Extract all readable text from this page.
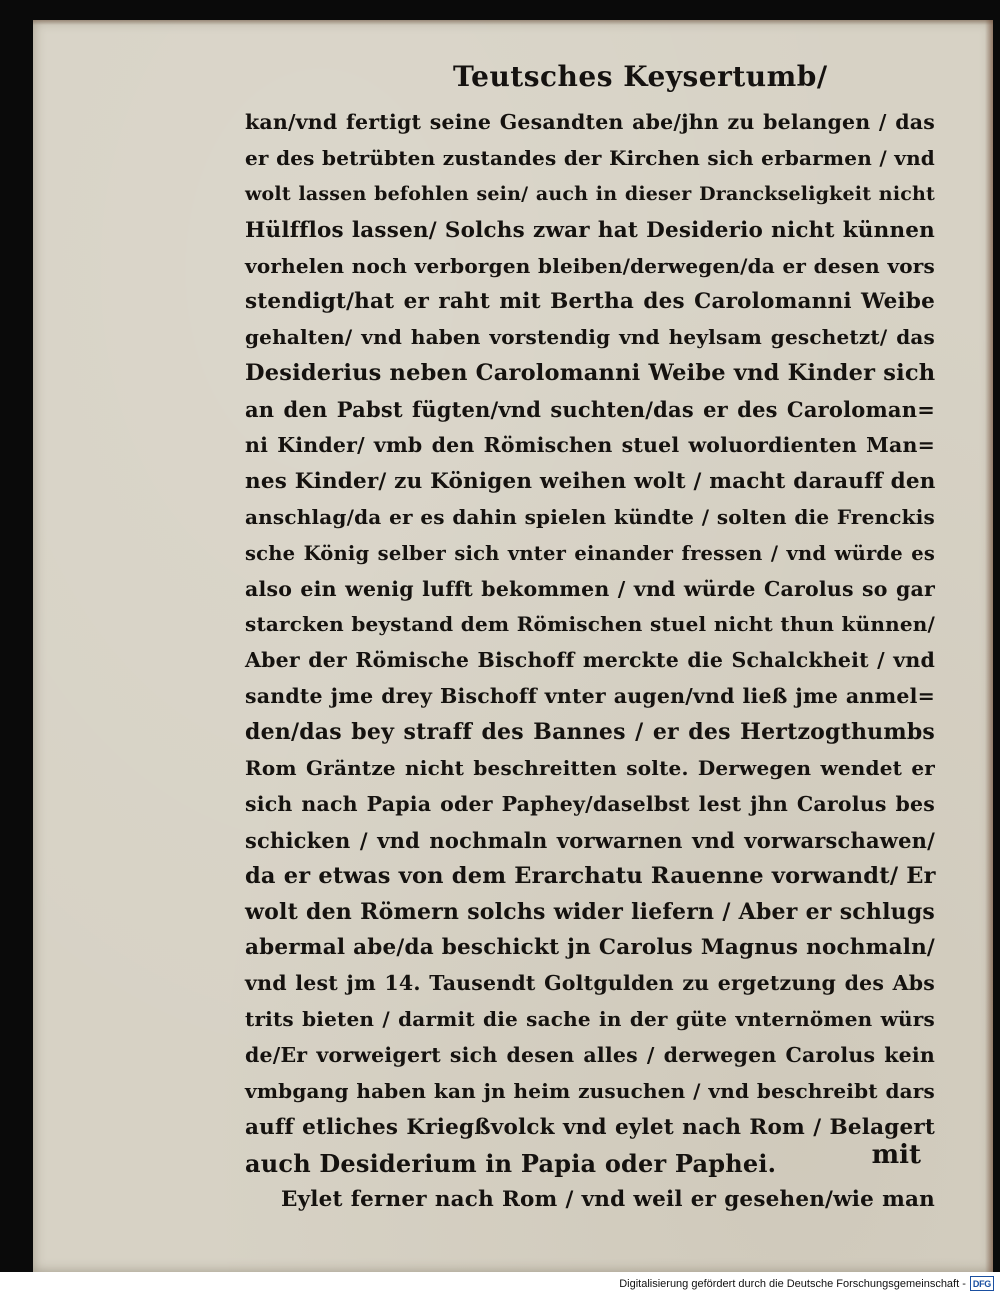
Teutsches Keysertumb/
kan/vnd fertigt seine Gesandten abe/jhn zu belangen / das
er des betrübten zustandes der Kirchen sich erbarmen / vnd
wolt lassen befohlen sein/ auch in dieser Dranckseligkeit nicht
Hülfflos lassen/ Solchs zwar hat Desiderio nicht künnen
vorhelen noch verborgen bleiben/derwegen/da er desen vors
stendigt/hat er raht mit Bertha des Carolomanni Weibe
gehalten/ vnd haben vorstendig vnd heylsam geschetzt/ das
Desiderius neben Carolomanni Weibe vnd Kinder sich
an den Pabst fügten/vnd suchten/das er des Caroloman=
ni Kinder/ vmb den Römischen stuel woluordienten Man=
nes Kinder/ zu Königen weihen wolt / macht darauff den
anschlag/da er es dahin spielen kündte / solten die Frenckis
sche König selber sich vnter einander fressen / vnd würde es
also ein wenig lufft bekommen / vnd würde Carolus so gar
starcken beystand dem Römischen stuel nicht thun künnen/
Aber der Römische Bischoff merckte die Schalckheit / vnd
sandte jme drey Bischoff vnter augen/vnd ließ jme anmel=
den/das bey straff des Bannes / er des Hertzogthumbs
Rom Gräntze nicht beschreitten solte. Derwegen wendet er
sich nach Papia oder Paphey/daselbst lest jhn Carolus bes
schicken / vnd nochmaln vorwarnen vnd vorwarschawen/
da er etwas von dem Erarchatu Rauenne vorwandt/ Er
wolt den Römern solchs wider liefern / Aber er schlugs
abermal abe/da beschickt jn Carolus Magnus nochmaln/
vnd lest jm 14. Tausendt Goltgulden zu ergetzung des Abs
trits bieten / darmit die sache in der güte vnternömen würs
de/Er vorweigert sich desen alles / derwegen Carolus kein
vmbgang haben kan jn heim zusuchen / vnd beschreibt dars
auff etliches Kriegßvolck vnd eylet nach Rom / Belagert
auch Desiderium in Papia oder Paphei.
Eylet ferner nach Rom / vnd weil er gesehen/wie man
mit
Digitalisierung gefördert durch die Deutsche Forschungsgemeinschaft - DFG
